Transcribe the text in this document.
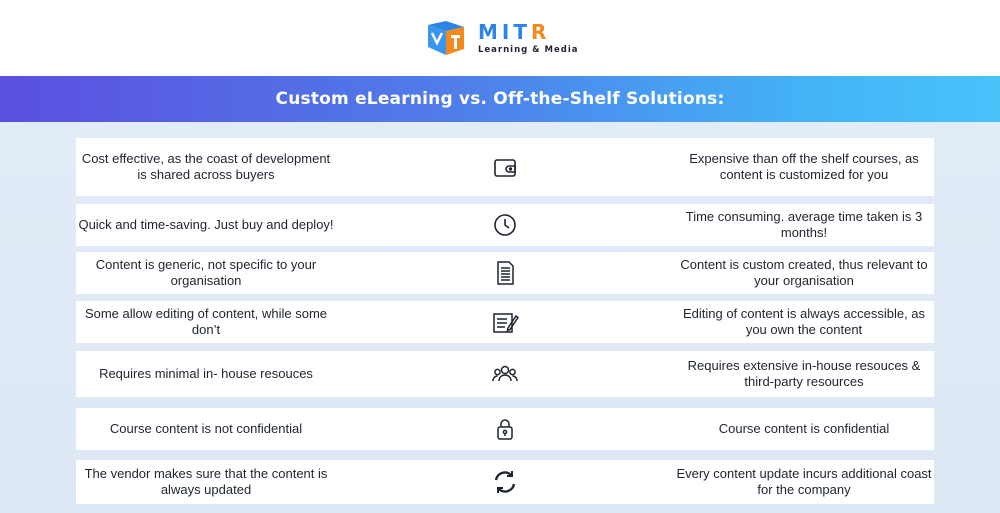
MITR
Learning & Media
Custom eLearning vs. Off-the-Shelf Solutions:
Cost effective, as the coast of development is shared across buyers
Expensive than off the shelf courses, as content is customized for you
Quick and time-saving. Just buy and deploy!
Time consuming. average time taken is 3 months!
Content is generic, not specific to your organisation
Content is custom created, thus relevant to your organisation
Some allow editing of content, while some don’t
Editing of content is always accessible, as you own the content
Requires minimal in- house resouces
Requires extensive in-house resouces & third-party resources
Course content is not confidential	Course content is confidential
The vendor makes sure that the content is always updated
Every content update incurs additional coast for the company
